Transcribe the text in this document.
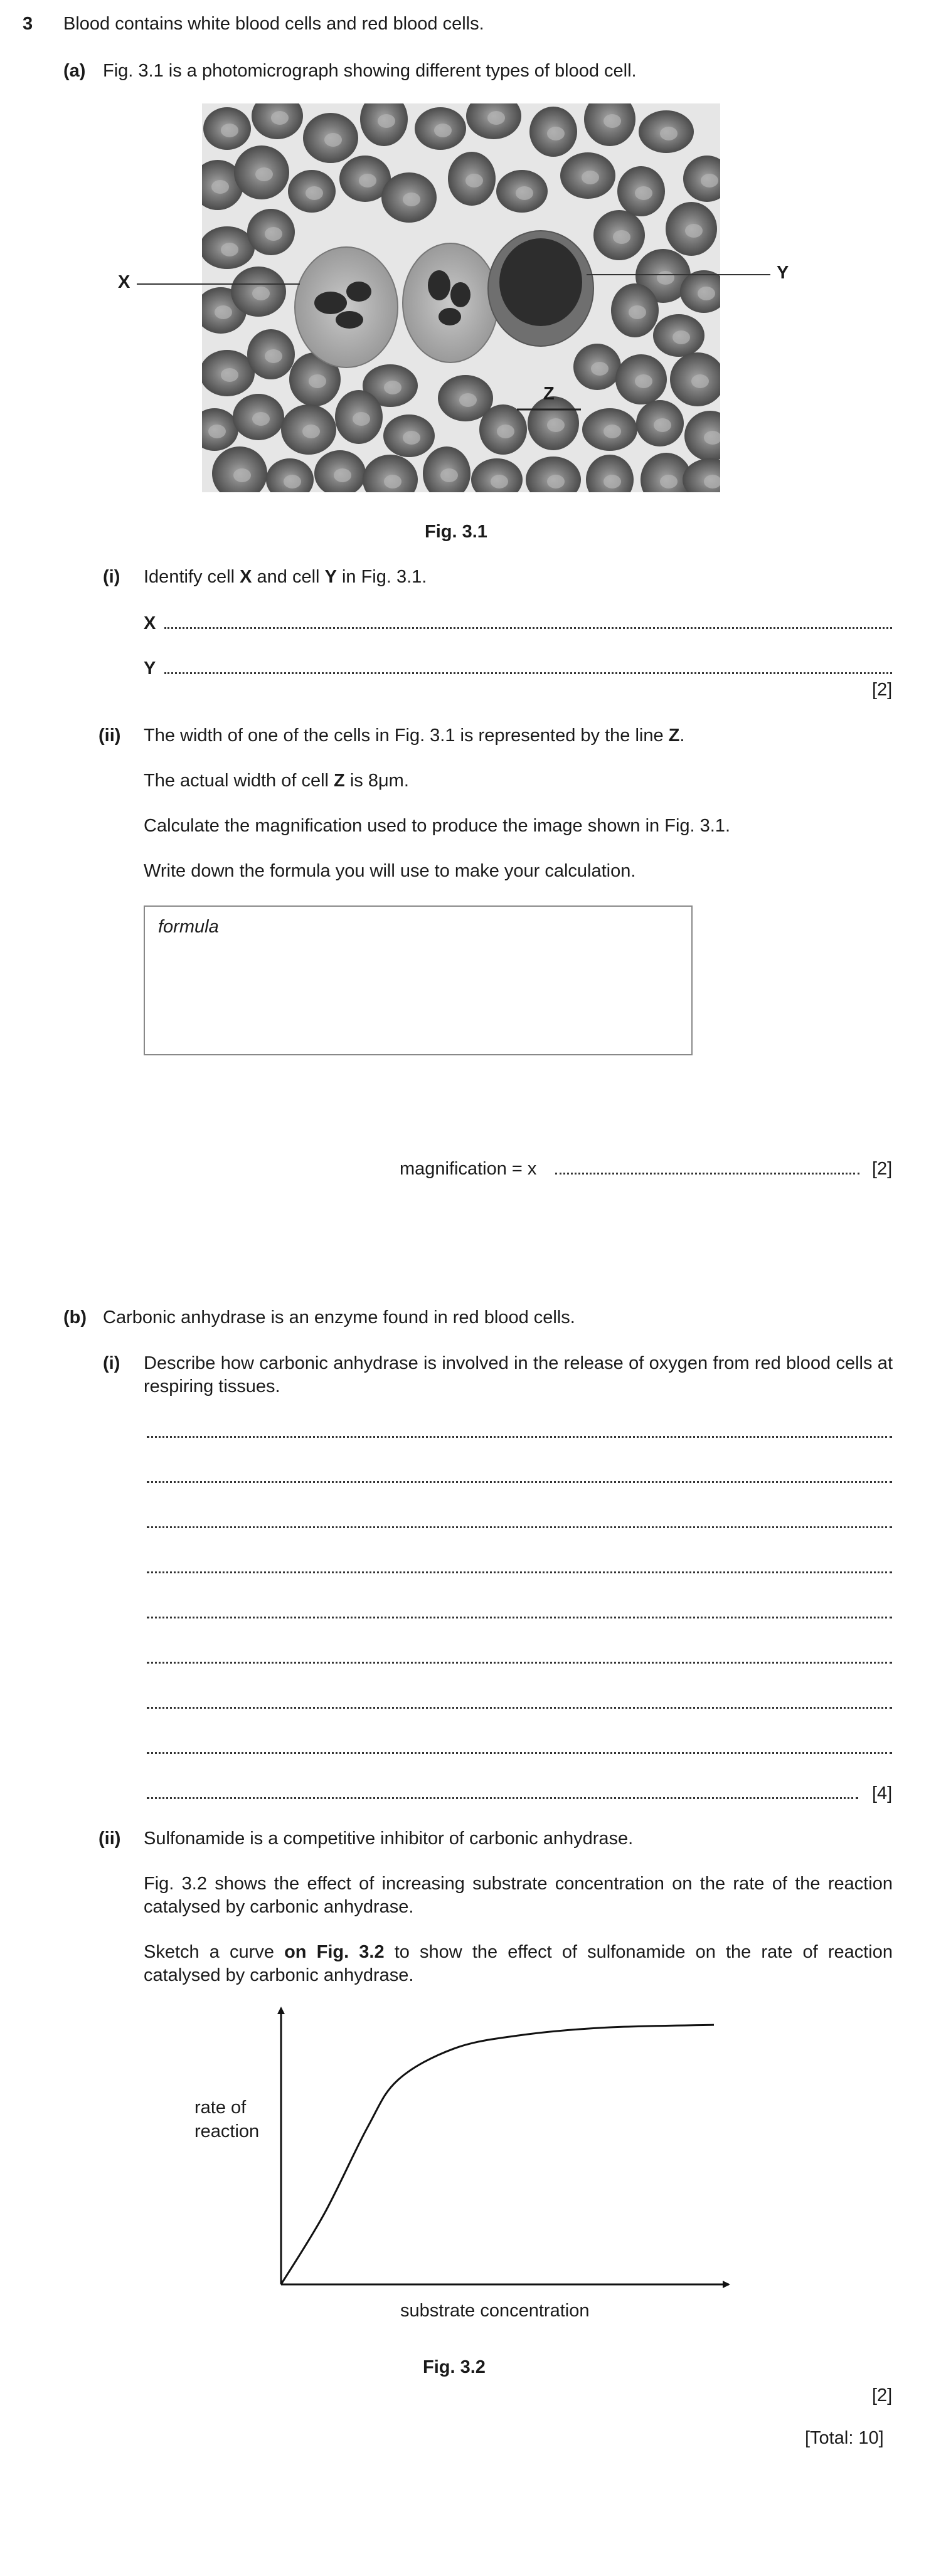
3 Blood contains white blood cells and red blood cells.
(a) Fig. 3.1 is a photomicrograph showing different types of blood cell.
X	Y
Z
Fig. 3.1
(i) Identify cell X and cell Y in Fig. 3.1.
X
Y
[2]
(ii) The width of one of the cells in Fig. 3.1 is represented by the line Z.
The actual width of cell Z is 8μm.
Calculate the magnification used to produce the image shown in Fig. 3.1.
Write down the formula you will use to make your calculation.
formula
magnification = x	[2]
(b) Carbonic anhydrase is an enzyme found in red blood cells.
(i) Describe how carbonic anhydrase is involved in the release of oxygen from red blood cells at respiring tissues.
[4]
(ii) Sulfonamide is a competitive inhibitor of carbonic anhydrase.
Fig. 3.2 shows the effect of increasing substrate concentration on the rate of the reaction catalysed by carbonic anhydrase.
Sketch a curve on Fig. 3.2 to show the effect of sulfonamide on the rate of reaction catalysed by carbonic anhydrase.
rate of
reaction
substrate concentration
Fig. 3.2
[2]
[Total: 10]
